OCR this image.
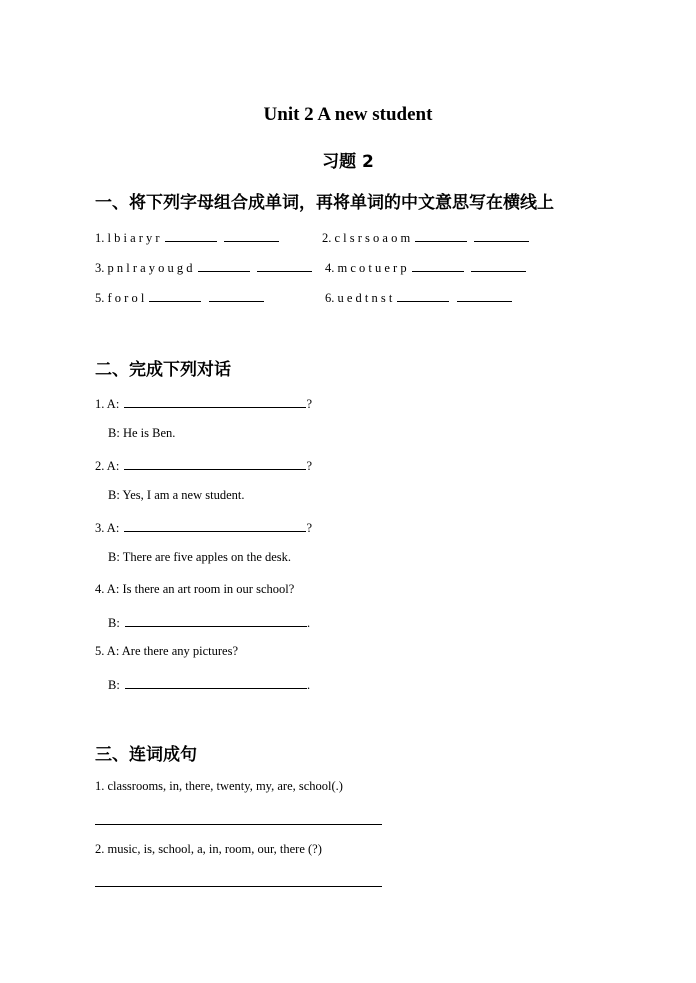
Unit 2 A new student
习题 2
一、将下列字母组合成单词，再将单词的中文意思写在横线上
1. l b i a r y r	2. c l s r s o a o m
3. p n l r a y o u g d	4. m c o t u e r p
5. f o r o l	6. u e d t n s t
二、完成下列对话
1. A:	?
B: He is Ben.
2. A:	?
B: Yes, I am a new student.
3. A:	?
B: There are five apples on the desk.
4. A: Is there an art room in our school?
B:	.
5. A: Are there any pictures?
B:	.
三、连词成句
1. classrooms, in, there, twenty, my, are, school(.)
2. music, is, school, a, in, room, our, there (?)
